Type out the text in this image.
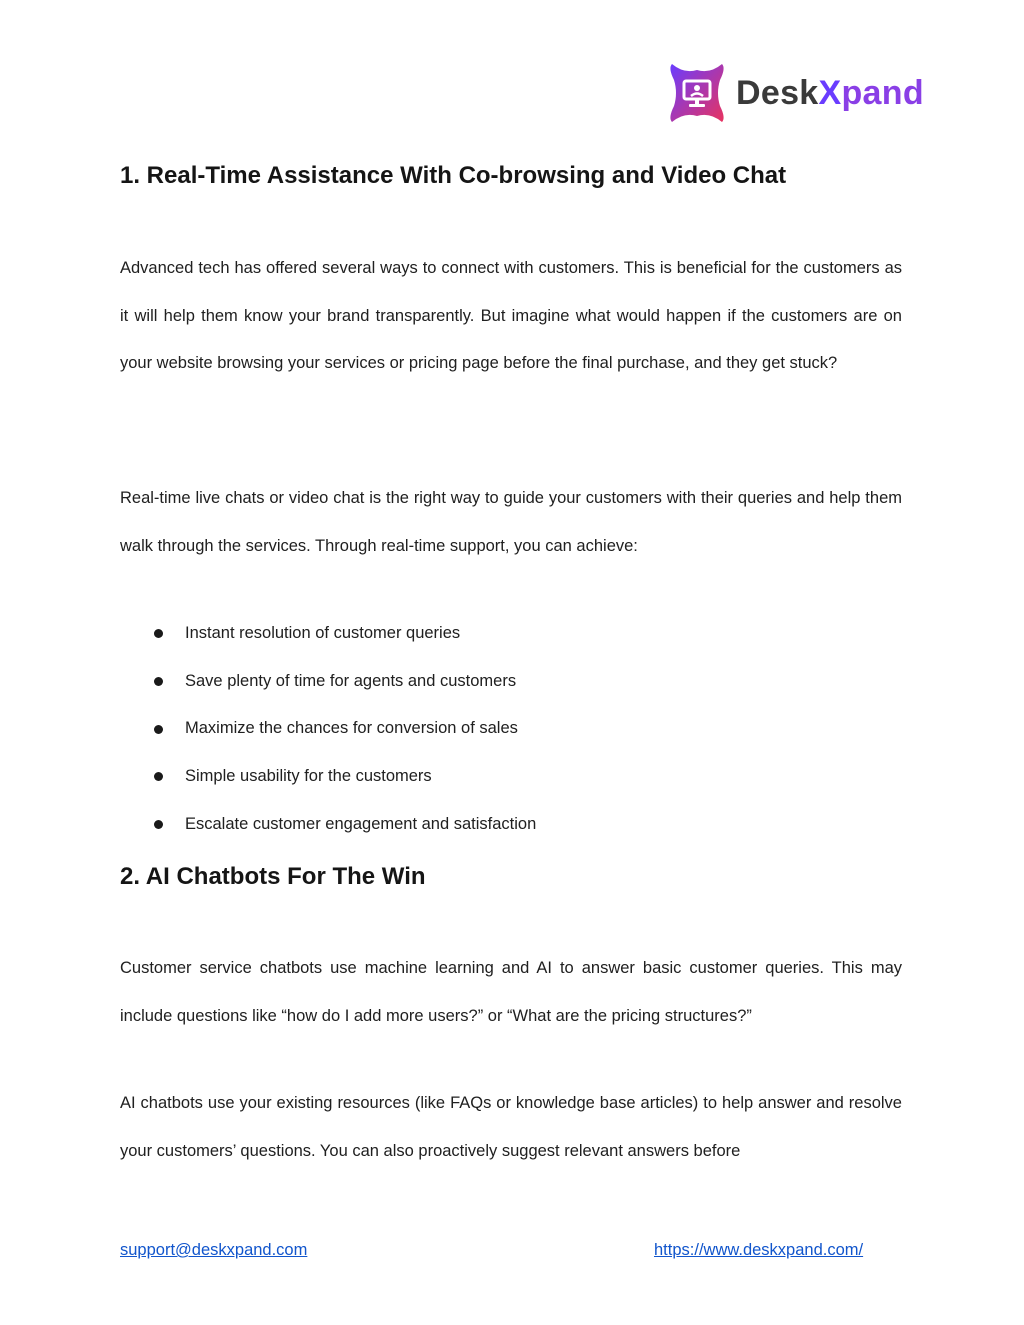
DeskXpand
1. Real-Time Assistance With Co-browsing and Video Chat

Advanced tech has offered several ways to connect with customers. This is beneficial for the customers as it will help them know your brand transparently. But imagine what would happen if the customers are on your website browsing your services or pricing page before the final purchase, and they get stuck?

Real-time live chats or video chat is the right way to guide your customers with their queries and help them walk through the services. Through real-time support, you can achieve:

Instant resolution of customer queries
Save plenty of time for agents and customers
Maximize the chances for conversion of sales
Simple usability for the customers
Escalate customer engagement and satisfaction
2. AI Chatbots For The Win

Customer service chatbots use machine learning and AI to answer basic customer queries. This may include questions like “how do I add more users?” or “What are the pricing structures?”

AI chatbots use your existing resources (like FAQs or knowledge base articles) to help answer and resolve your customers’ questions. You can also proactively suggest relevant answers before

support@deskxpand.com	https://www.deskxpand.com/
